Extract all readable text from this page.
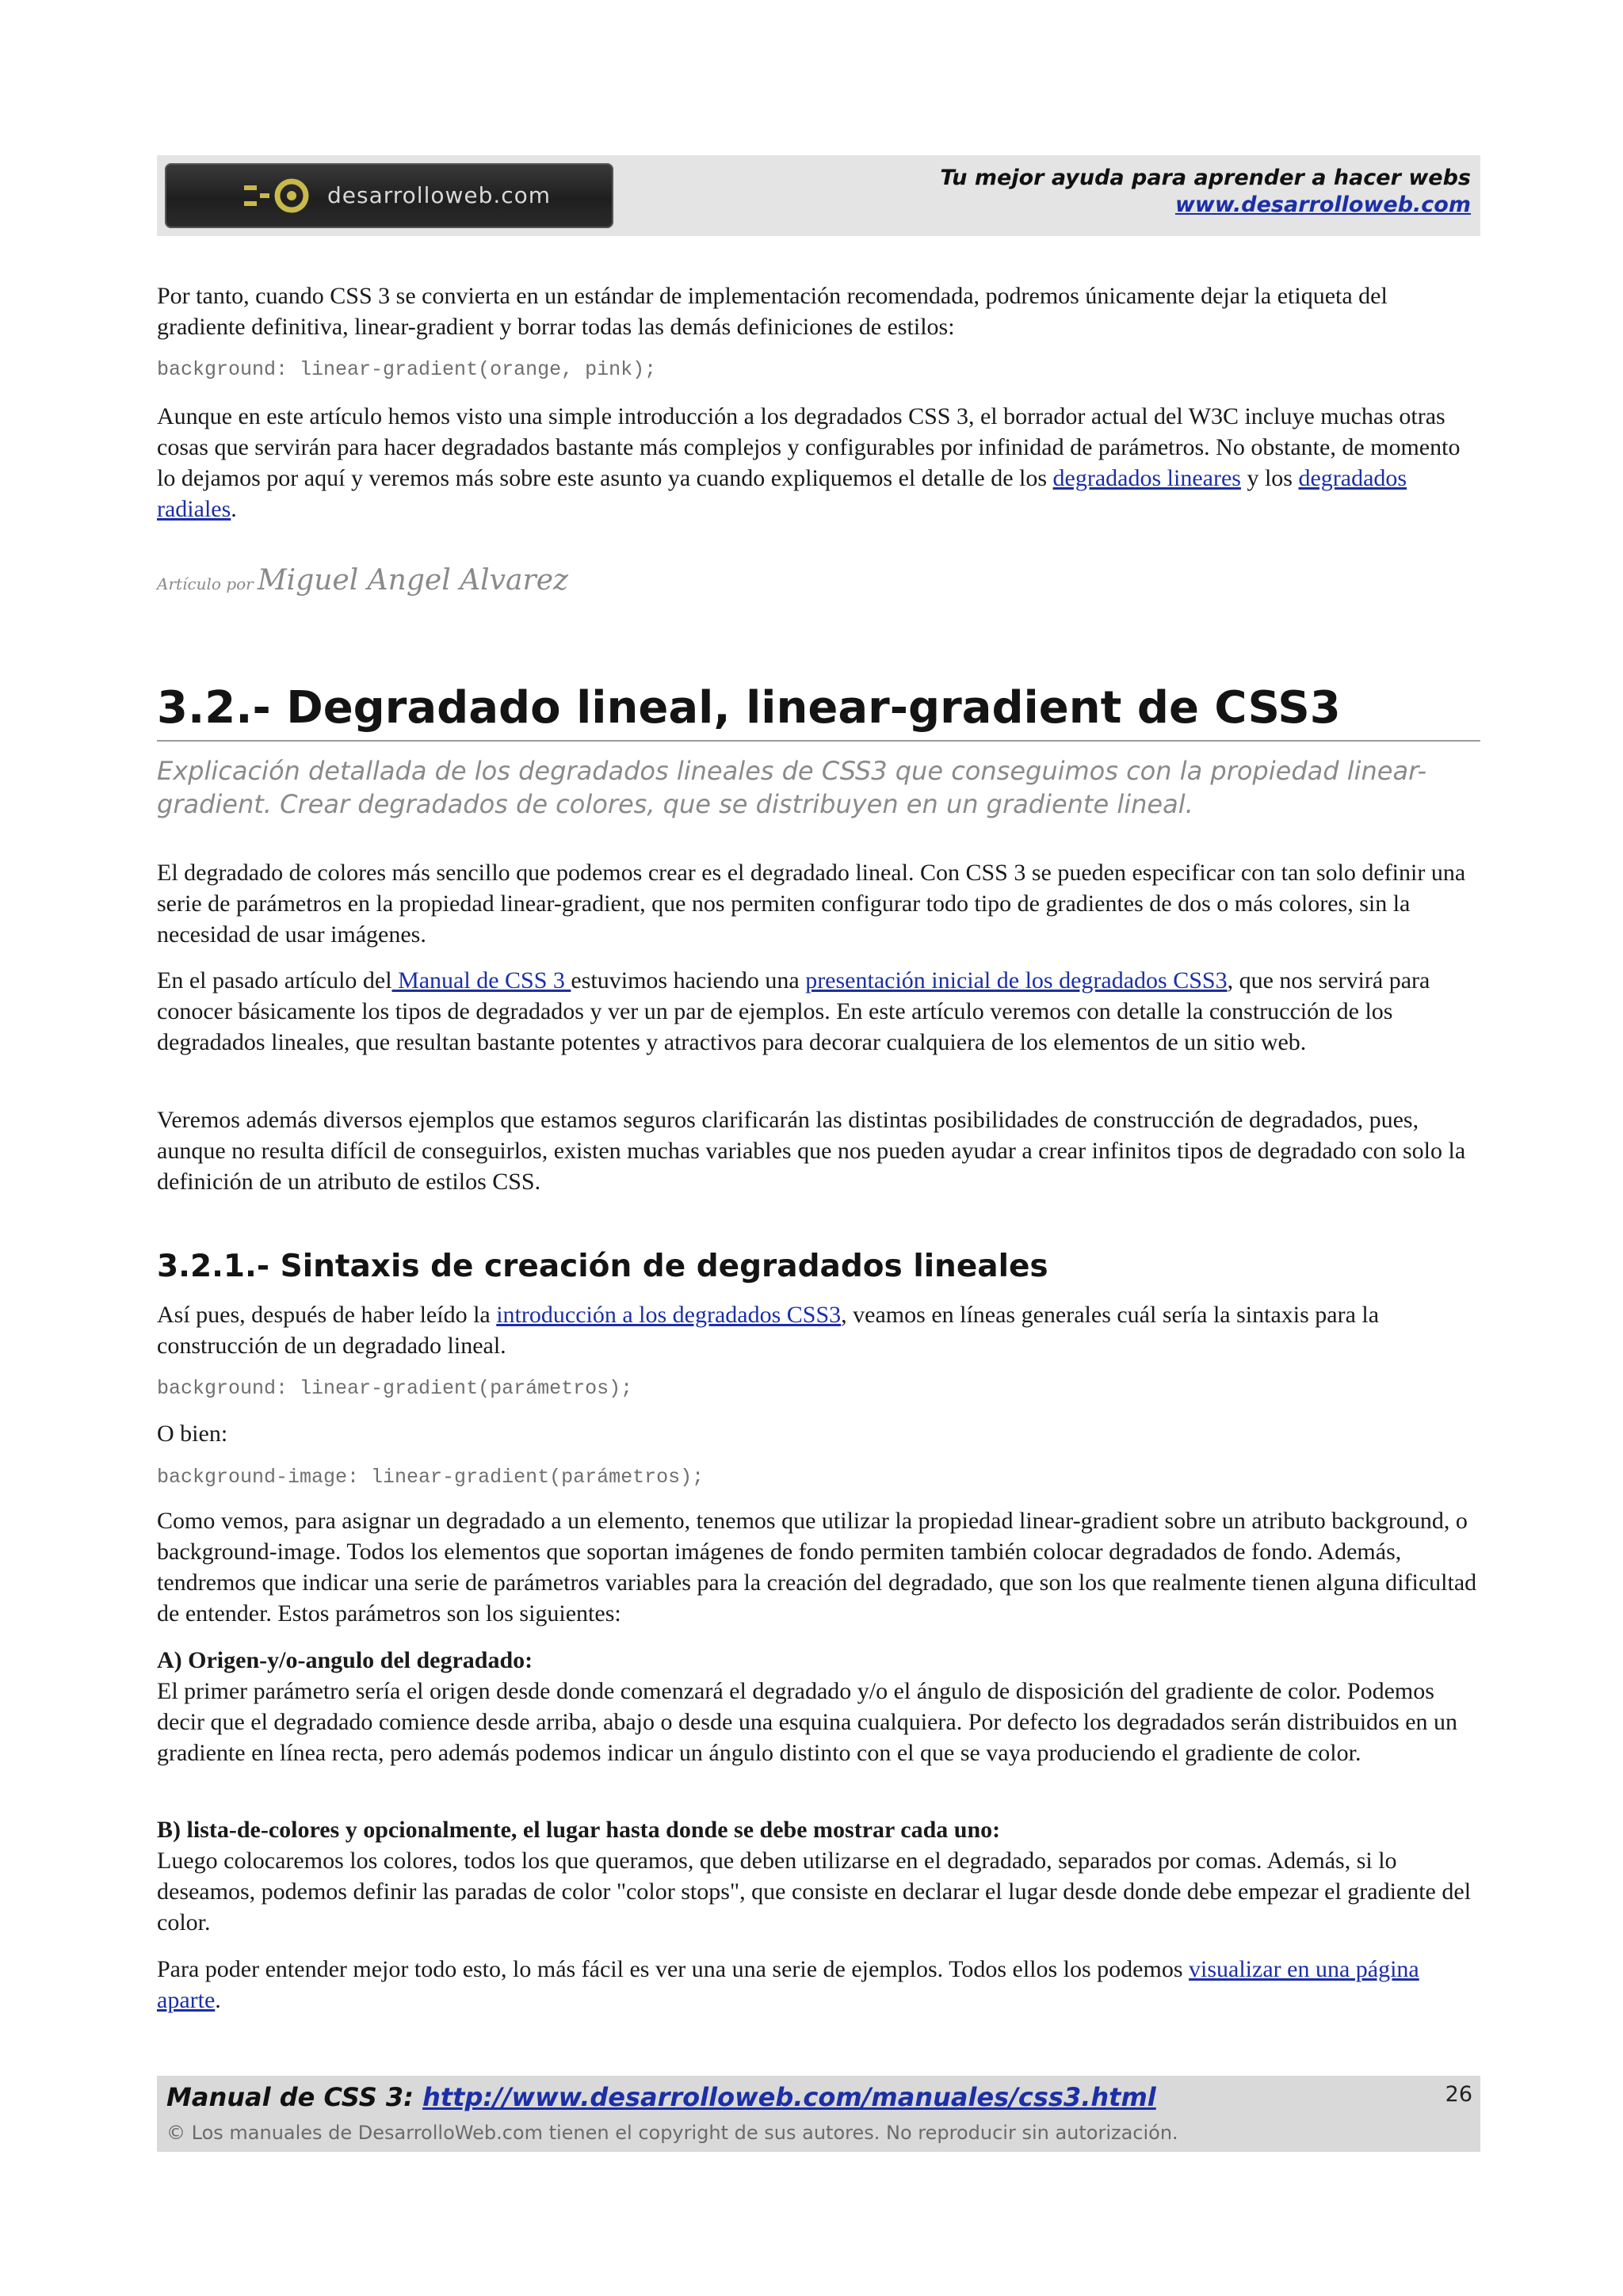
desarrolloweb.com
Tu mejor ayuda para aprender a hacer webs
www.desarrolloweb.com

Por tanto, cuando CSS 3 se convierta en un estándar de implementación recomendada, podremos únicamente dejar la etiqueta del gradiente definitiva, linear-gradient y borrar todas las demás definiciones de estilos:

background: linear-gradient(orange, pink);

Aunque en este artículo hemos visto una simple introducción a los degradados CSS 3, el borrador actual del W3C incluye muchas otras cosas que servirán para hacer degradados bastante más complejos y configurables por infinidad de parámetros. No obstante, de momento lo dejamos por aquí y veremos más sobre este asunto ya cuando expliquemos el detalle de los degradados lineares y los degradados radiales.

Artículo por Miguel Angel Alvarez
3.2.- Degradado lineal, linear-gradient de CSS3
Explicación detallada de los degradados lineales de CSS3 que conseguimos con la propiedad linear-gradient. Crear degradados de colores, que se distribuyen en un gradiente lineal.

El degradado de colores más sencillo que podemos crear es el degradado lineal. Con CSS 3 se pueden especificar con tan solo definir una serie de parámetros en la propiedad linear-gradient, que nos permiten configurar todo tipo de gradientes de dos o más colores, sin la necesidad de usar imágenes.

En el pasado artículo del Manual de CSS 3 estuvimos haciendo una presentación inicial de los degradados CSS3, que nos servirá para conocer básicamente los tipos de degradados y ver un par de ejemplos. En este artículo veremos con detalle la construcción de los degradados lineales, que resultan bastante potentes y atractivos para decorar cualquiera de los elementos de un sitio web.

Veremos además diversos ejemplos que estamos seguros clarificarán las distintas posibilidades de construcción de degradados, pues, aunque no resulta difícil de conseguirlos, existen muchas variables que nos pueden ayudar a crear infinitos tipos de degradado con solo la definición de un atributo de estilos CSS.

3.2.1.- Sintaxis de creación de degradados lineales

Así pues, después de haber leído la introducción a los degradados CSS3, veamos en líneas generales cuál sería la sintaxis para la construcción de un degradado lineal.

background: linear-gradient(parámetros);

O bien:

background-image: linear-gradient(parámetros);

Como vemos, para asignar un degradado a un elemento, tenemos que utilizar la propiedad linear-gradient sobre un atributo background, o background-image. Todos los elementos que soportan imágenes de fondo permiten también colocar degradados de fondo. Además, tendremos que indicar una serie de parámetros variables para la creación del degradado, que son los que realmente tienen alguna dificultad de entender. Estos parámetros son los siguientes:

A) Origen-y/o-angulo del degradado:

El primer parámetro sería el origen desde donde comenzará el degradado y/o el ángulo de disposición del gradiente de color. Podemos decir que el degradado comience desde arriba, abajo o desde una esquina cualquiera. Por defecto los degradados serán distribuidos en un gradiente en línea recta, pero además podemos indicar un ángulo distinto con el que se vaya produciendo el gradiente de color.

B) lista-de-colores y opcionalmente, el lugar hasta donde se debe mostrar cada uno:

Luego colocaremos los colores, todos los que queramos, que deben utilizarse en el degradado, separados por comas. Además, si lo deseamos, podemos definir las paradas de color "color stops", que consiste en declarar el lugar desde donde debe empezar el gradiente del color.

Para poder entender mejor todo esto, lo más fácil es ver una una serie de ejemplos. Todos ellos los podemos visualizar en una página aparte.

Manual de CSS 3: http://www.desarrolloweb.com/manuales/css3.html	26
© Los manuales de DesarrolloWeb.com tienen el copyright de sus autores. No reproducir sin autorización.
